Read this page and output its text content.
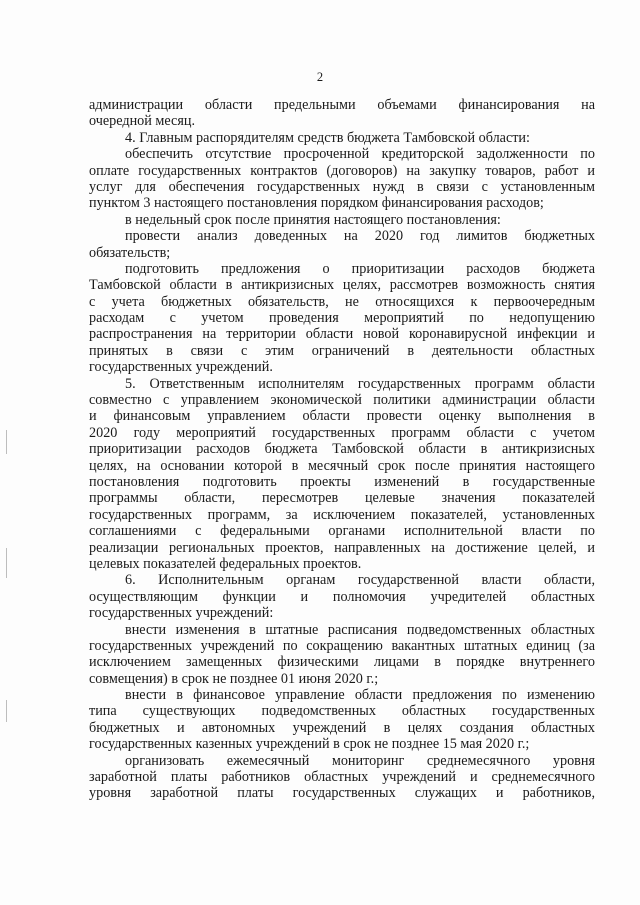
2
администрации области предельными объемами финансирования на
очередной месяц.
4. Главным распорядителям средств бюджета Тамбовской области:
обеспечить отсутствие просроченной кредиторской задолженности по
оплате государственных контрактов (договоров) на закупку товаров, работ и
услуг для обеспечения государственных нужд в связи с установленным
пунктом 3 настоящего постановления порядком финансирования расходов;
в недельный срок после принятия настоящего постановления:
провести анализ доведенных на 2020 год лимитов бюджетных
обязательств;
подготовить предложения о приоритизации расходов бюджета
Тамбовской области в антикризисных целях, рассмотрев возможность снятия
с учета бюджетных обязательств, не относящихся к первоочередным
расходам с учетом проведения мероприятий по недопущению
распространения на территории области новой коронавирусной инфекции и
принятых в связи с этим ограничений в деятельности областных
государственных учреждений.
5. Ответственным исполнителям государственных программ области
совместно с управлением экономической политики администрации области
и финансовым управлением области провести оценку выполнения в
2020 году мероприятий государственных программ области с учетом
приоритизации расходов бюджета Тамбовской области в антикризисных
целях, на основании которой в месячный срок после принятия настоящего
постановления подготовить проекты изменений в государственные
программы области, пересмотрев целевые значения показателей
государственных программ, за исключением показателей, установленных
соглашениями с федеральными органами исполнительной власти по
реализации региональных проектов, направленных на достижение целей, и
целевых показателей федеральных проектов.
6. Исполнительным органам государственной власти области,
осуществляющим функции и полномочия учредителей областных
государственных учреждений:
внести изменения в штатные расписания подведомственных областных
государственных учреждений по сокращению вакантных штатных единиц (за
исключением замещенных физическими лицами в порядке внутреннего
совмещения) в срок не позднее 01 июня 2020 г.;
внести в финансовое управление области предложения по изменению
типа существующих подведомственных областных государственных
бюджетных и автономных учреждений в целях создания областных
государственных казенных учреждений в срок не позднее 15 мая 2020 г.;
организовать ежемесячный мониторинг среднемесячного уровня
заработной платы работников областных учреждений и среднемесячного
уровня заработной платы государственных служащих и работников,
